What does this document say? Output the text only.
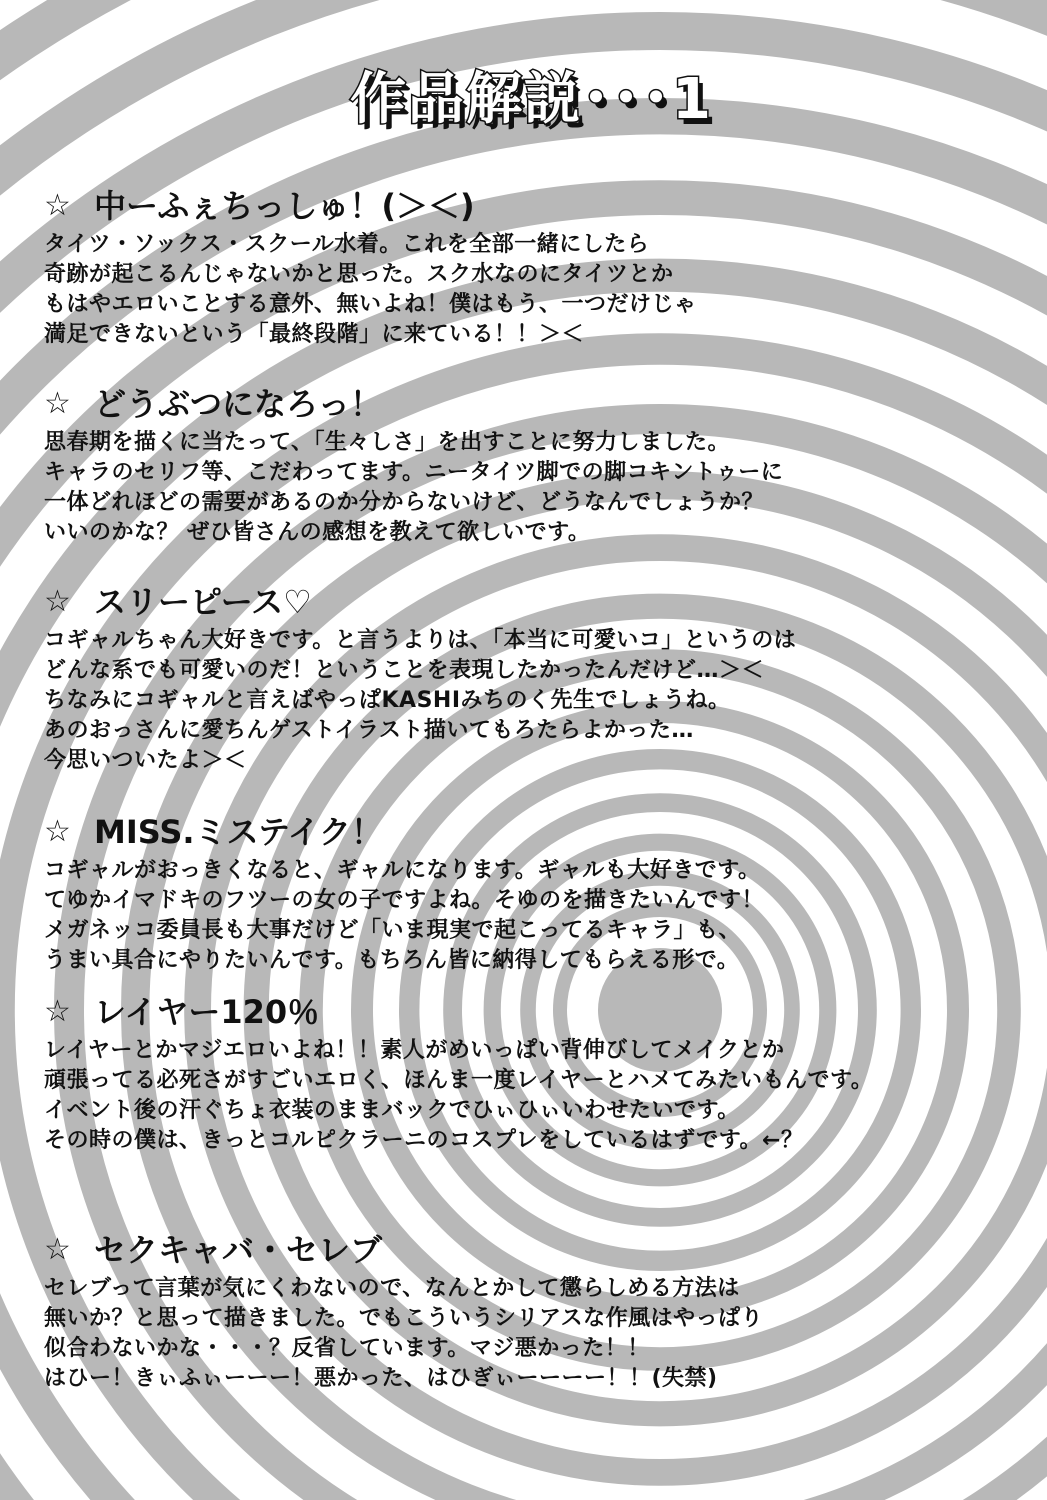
作品解説･･･1
☆ 中ーふぇちっしゅ！(＞＜)
タイツ・ソックス・スクール水着。これを全部一緒にしたら
奇跡が起こるんじゃないかと思った。スク水なのにタイツとか
もはやエロいことする意外、無いよね！僕はもう、一つだけじゃ
満足できないという「最終段階」に来ている！！＞＜
☆ どうぶつになろっ！
思春期を描くに当たって、「生々しさ」を出すことに努力しました。
キャラのセリフ等、こだわってます。ニータイツ脚での脚コキントゥーに
一体どれほどの需要があるのか分からないけど、どうなんでしょうか？
いいのかな？ ぜひ皆さんの感想を教えて欲しいです。
☆ スリーピース♡
コギャルちゃん大好きです。と言うよりは、「本当に可愛いコ」というのは
どんな系でも可愛いのだ！ということを表現したかったんだけど…＞＜
ちなみにコギャルと言えばやっぱKASHIみちのく先生でしょうね。
あのおっさんに愛ちんゲストイラスト描いてもろたらよかった…
今思いついたよ＞＜
☆ MISS.ミステイク！
コギャルがおっきくなると、ギャルになります。ギャルも大好きです。
てゆかイマドキのフツーの女の子ですよね。そゆのを描きたいんです！
メガネッコ委員長も大事だけど「いま現実で起こってるキャラ」も、
うまい具合にやりたいんです。もちろん皆に納得してもらえる形で。
☆ レイヤー120％
レイヤーとかマジエロいよね！！素人がめいっぱい背伸びしてメイクとか
頑張ってる必死さがすごいエロく、ほんま一度レイヤーとハメてみたいもんです。
イベント後の汗ぐちょ衣装のままバックでひぃひぃいわせたいです。
その時の僕は、きっとコルピクラーニのコスプレをしているはずです。←？
☆ セクキャバ・セレブ
セレブって言葉が気にくわないので、なんとかして懲らしめる方法は
無いか？と思って描きました。でもこういうシリアスな作風はやっぱり
似合わないかな・・・？反省しています。マジ悪かった！！
はひー！きぃふぃーーー！悪かった、はひぎぃーーーー！！(失禁)
